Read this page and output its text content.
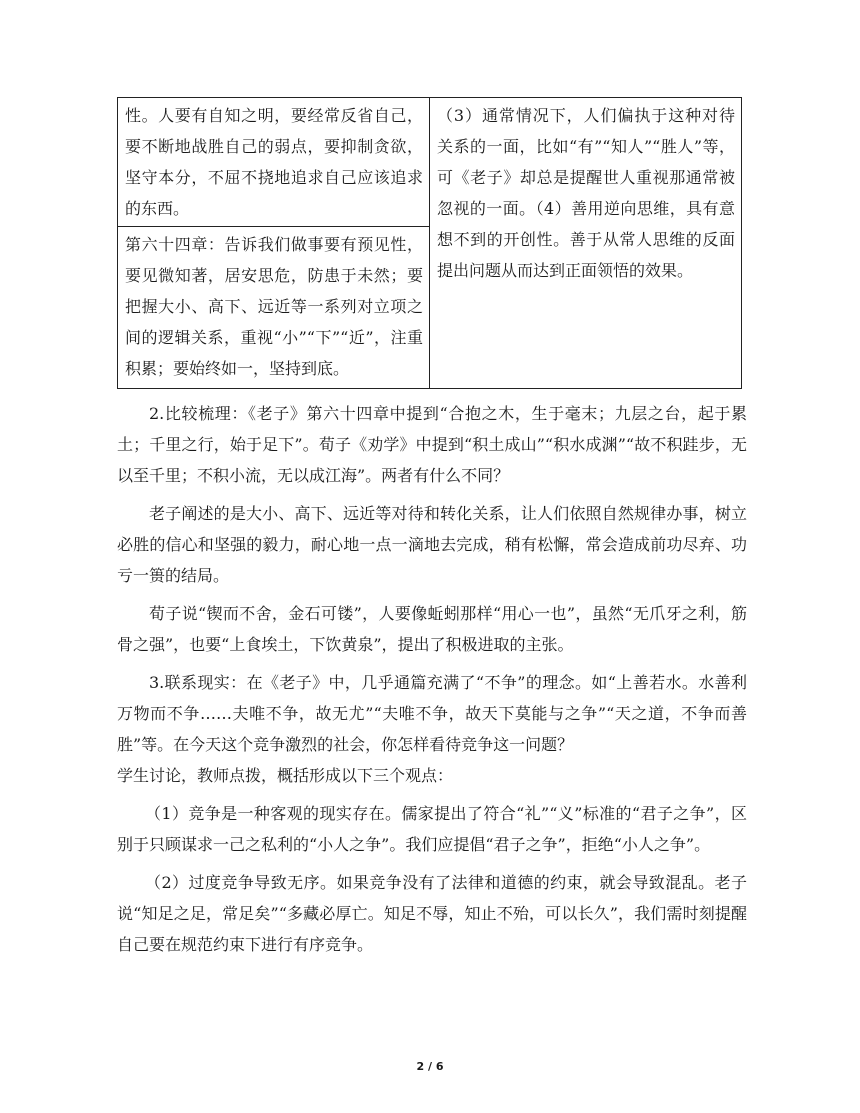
性。人要有自知之明，要经常反省自己，要不断地战胜自己的弱点，要抑制贪欲，坚守本分，不屈不挠地追求自己应该追求的东西。	（3）通常情况下，人们偏执于这种对待关系的一面，比如“有”“知人”“胜人”等，可《老子》却总是提醒世人重视那通常被忽视的一面。（4）善用逆向思维，具有意想不到的开创性。善于从常人思维的反面提出问题从而达到正面领悟的效果。
第六十四章：告诉我们做事要有预见性，要见微知著，居安思危，防患于未然；要把握大小、高下、远近等一系列对立项之间的逻辑关系，重视“小”“下”“近”，注重积累；要始终如一，坚持到底。

2.比较梳理：《老子》第六十四章中提到“合抱之木，生于毫末；九层之台，起于累土；千里之行，始于足下”。荀子《劝学》中提到“积土成山”“积水成渊”“故不积跬步，无以至千里；不积小流，无以成江海”。两者有什么不同？

老子阐述的是大小、高下、远近等对待和转化关系，让人们依照自然规律办事，树立必胜的信心和坚强的毅力，耐心地一点一滴地去完成，稍有松懈，常会造成前功尽弃、功亏一篑的结局。

荀子说“锲而不舍，金石可镂”，人要像蚯蚓那样“用心一也”，虽然“无爪牙之利，筋骨之强”，也要“上食埃土，下饮黄泉”，提出了积极进取的主张。

3.联系现实：在《老子》中，几乎通篇充满了“不争”的理念。如“上善若水。水善利万物而不争……夫唯不争，故无尤”“夫唯不争，故天下莫能与之争”“天之道，不争而善胜”等。在今天这个竞争激烈的社会，你怎样看待竞争这一问题？

学生讨论，教师点拨，概括形成以下三个观点：

（1）竞争是一种客观的现实存在。儒家提出了符合“礼”“义”标准的“君子之争”，区别于只顾谋求一己之私利的“小人之争”。我们应提倡“君子之争”，拒绝“小人之争”。

（2）过度竞争导致无序。如果竞争没有了法律和道德的约束，就会导致混乱。老子说“知足之足，常足矣”“多藏必厚亡。知足不辱，知止不殆，可以长久”，我们需时刻提醒自己要在规范约束下进行有序竞争。

2 / 6
